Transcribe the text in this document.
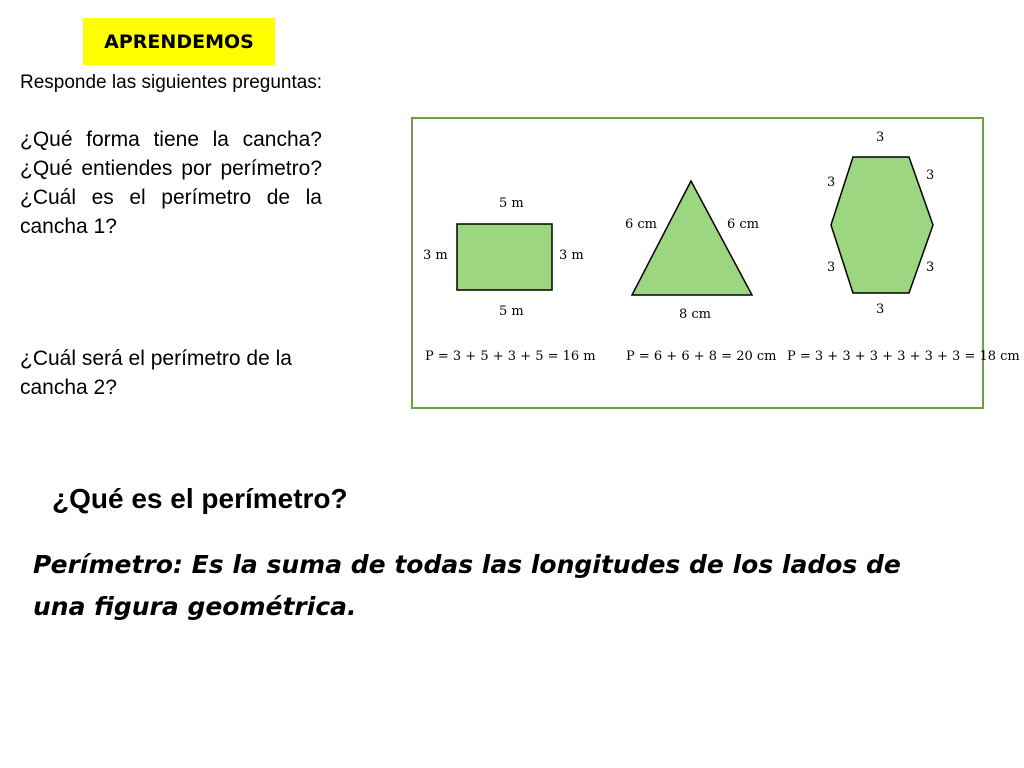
APRENDEMOS
Responde las siguientes preguntas:

¿Qué forma tiene la cancha? ¿Qué entiendes por perímetro?

¿Cuál es el perímetro de la cancha 1?

¿Cuál será el perímetro de la cancha 2?
5 m
5 m
3 m	3 m
P = 3 + 5 + 3 + 5 = 16 m
6 cm	6 cm
8 cm
P = 6 + 6 + 8 = 20 cm
3
3	3
3	3
3
P = 3 + 3 + 3 + 3 + 3 + 3 = 18 cm
¿Qué es el perímetro?
Perímetro: Es la suma de todas las longitudes de los lados de una figura geométrica.
